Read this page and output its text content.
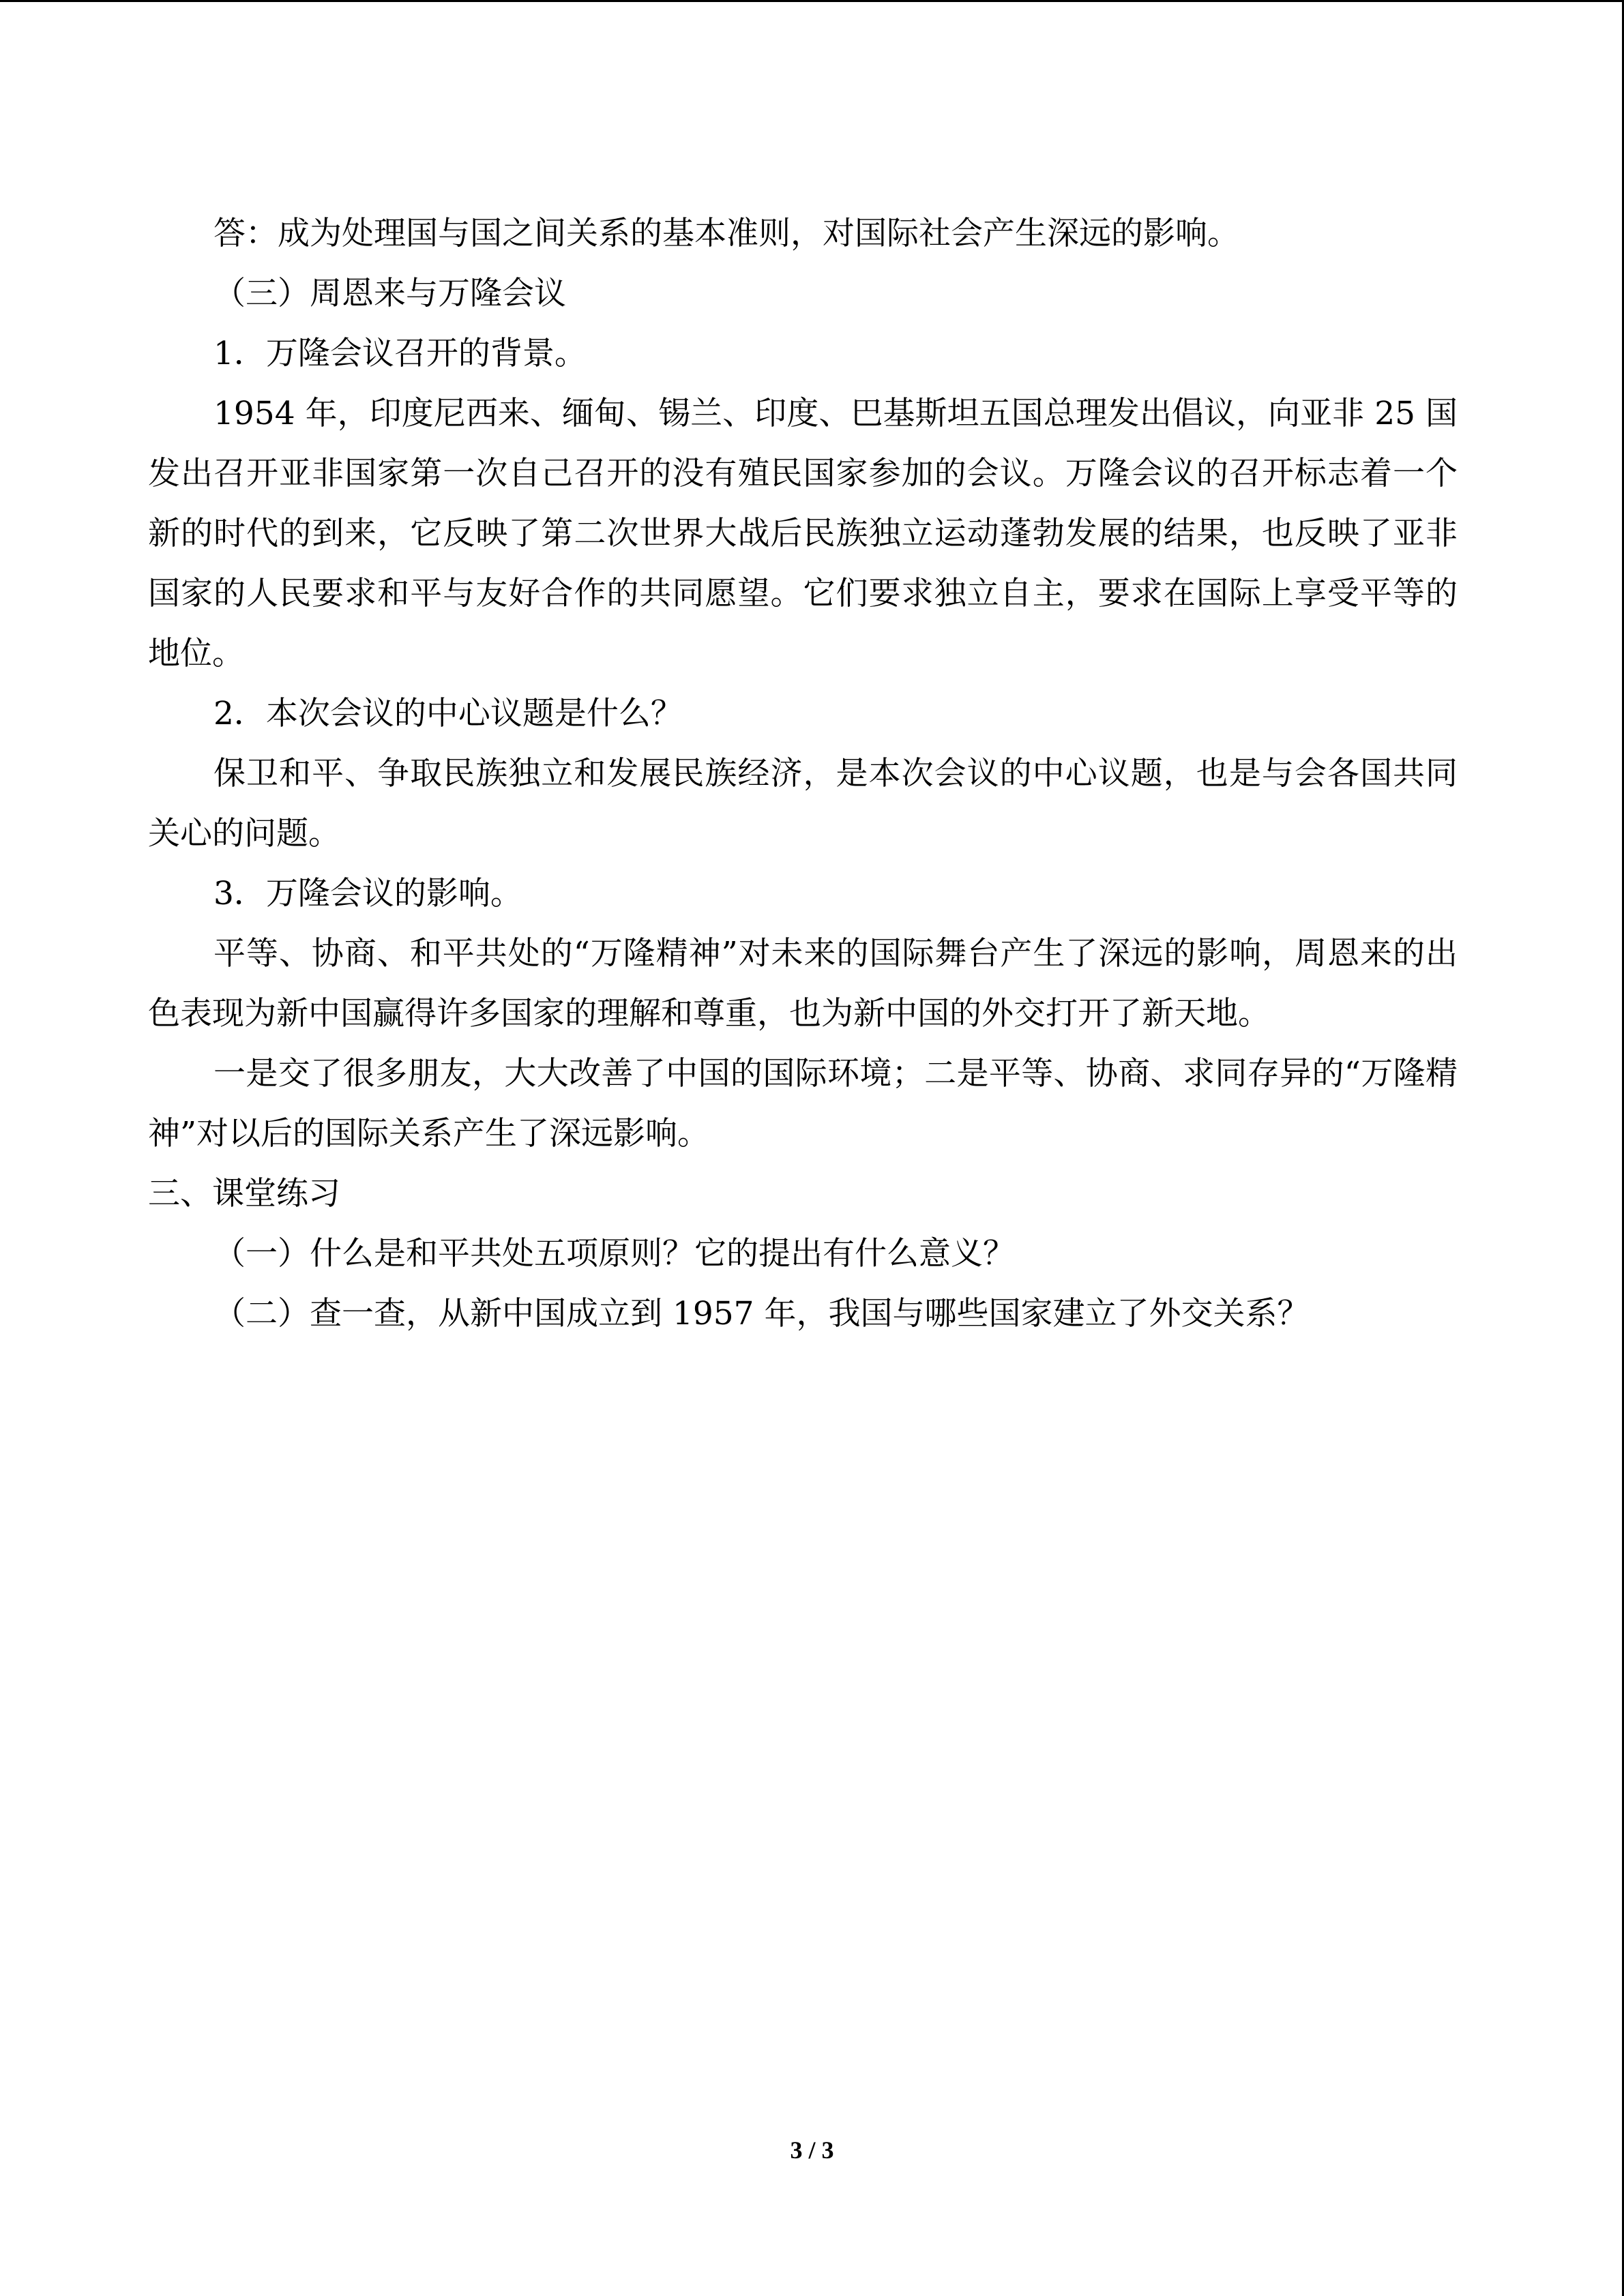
答：成为处理国与国之间关系的基本准则，对国际社会产生深远的影响。

（三）周恩来与万隆会议

1．万隆会议召开的背景。

1954 年，印度尼西来、缅甸、锡兰、印度、巴基斯坦五国总理发出倡议，向亚非 25 国发出召开亚非国家第一次自己召开的没有殖民国家参加的会议。万隆会议的召开标志着一个新的时代的到来，它反映了第二次世界大战后民族独立运动蓬勃发展的结果，也反映了亚非国家的人民要求和平与友好合作的共同愿望。它们要求独立自主，要求在国际上享受平等的地位。

2．本次会议的中心议题是什么？

保卫和平、争取民族独立和发展民族经济，是本次会议的中心议题，也是与会各国共同关心的问题。

3．万隆会议的影响。

平等、协商、和平共处的“万隆精神”对未来的国际舞台产生了深远的影响，周恩来的出色表现为新中国赢得许多国家的理解和尊重，也为新中国的外交打开了新天地。

一是交了很多朋友，大大改善了中国的国际环境；二是平等、协商、求同存异的“万隆精神”对以后的国际关系产生了深远影响。

三、课堂练习

（一）什么是和平共处五项原则？它的提出有什么意义？

（二）查一查，从新中国成立到 1957 年，我国与哪些国家建立了外交关系？

3 / 3
